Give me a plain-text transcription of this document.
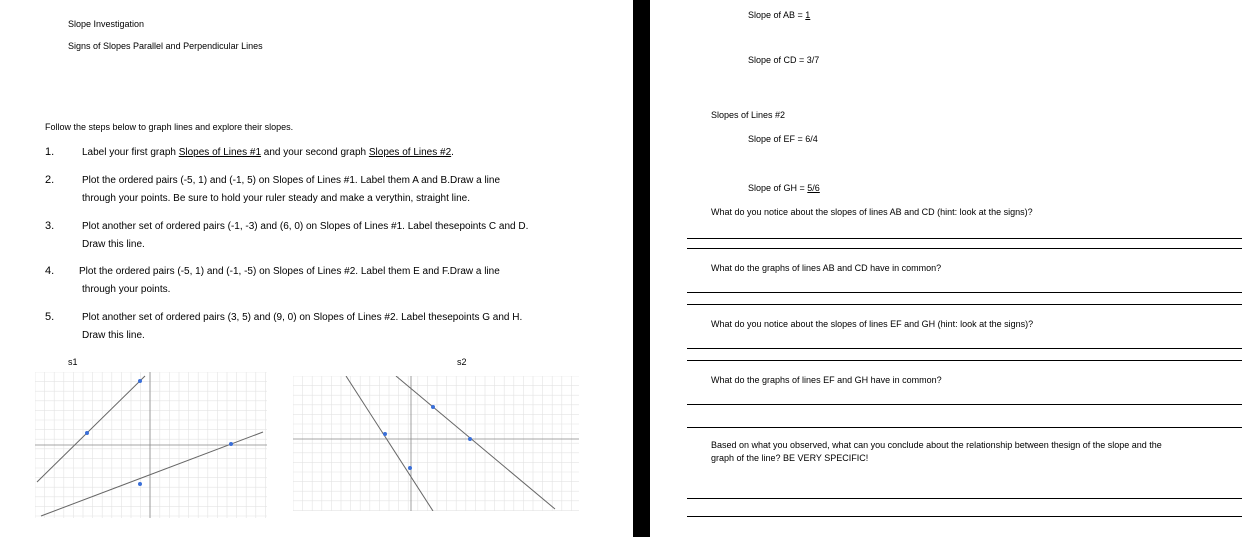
Slope Investigation
Signs of Slopes Parallel and Perpendicular Lines
Follow the steps below to graph lines and explore their slopes.
1.	Label your first graph Slopes of Lines #1 and your second graph Slopes of Lines #2.
2.	Plot the ordered pairs (-5, 1) and (-1, 5) on Slopes of Lines #1. Label them A and B.Draw a line
through your points. Be sure to hold your ruler steady and make a verythin, straight line.
3.	Plot another set of ordered pairs (-1, -3) and (6, 0) on Slopes of Lines #1. Label thesepoints C and D.
Draw this line.
4. Plot the ordered pairs (-5, 1) and (-1, -5) on Slopes of Lines #2. Label them E and F.Draw a line
through your points.
5.	Plot another set of ordered pairs (3, 5) and (9, 0) on Slopes of Lines #2. Label thesepoints G and H.
Draw this line.
s1	s2
Slope of AB = 1
Slope of CD = 3/7
Slopes of Lines #2
Slope of EF = 6/4
Slope of GH = 5/6
What do you notice about the slopes of lines AB and CD (hint: look at the signs)?
What do the graphs of lines AB and CD have in common?
What do you notice about the slopes of lines EF and GH (hint: look at the signs)?
What do the graphs of lines EF and GH have in common?
Based on what you observed, what can you conclude about the relationship between thesign of the slope and the
graph of the line? BE VERY SPECIFIC!
